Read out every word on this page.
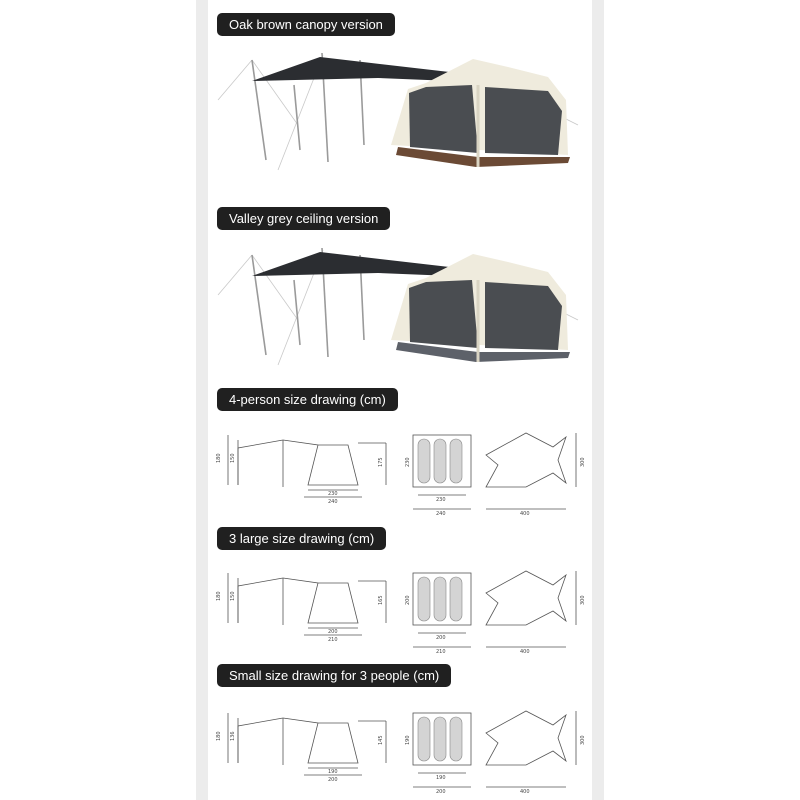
Oak brown canopy version
Valley grey ceiling version
4-person size drawing (cm)
3 large size drawing (cm)
Small size drawing for 3 people (cm)
180 150	175
230
240
230
230
240	400
300
180 150	165
200
210
200
200
210	400
300
180 136	145
190
200
190
190
200	400
300
